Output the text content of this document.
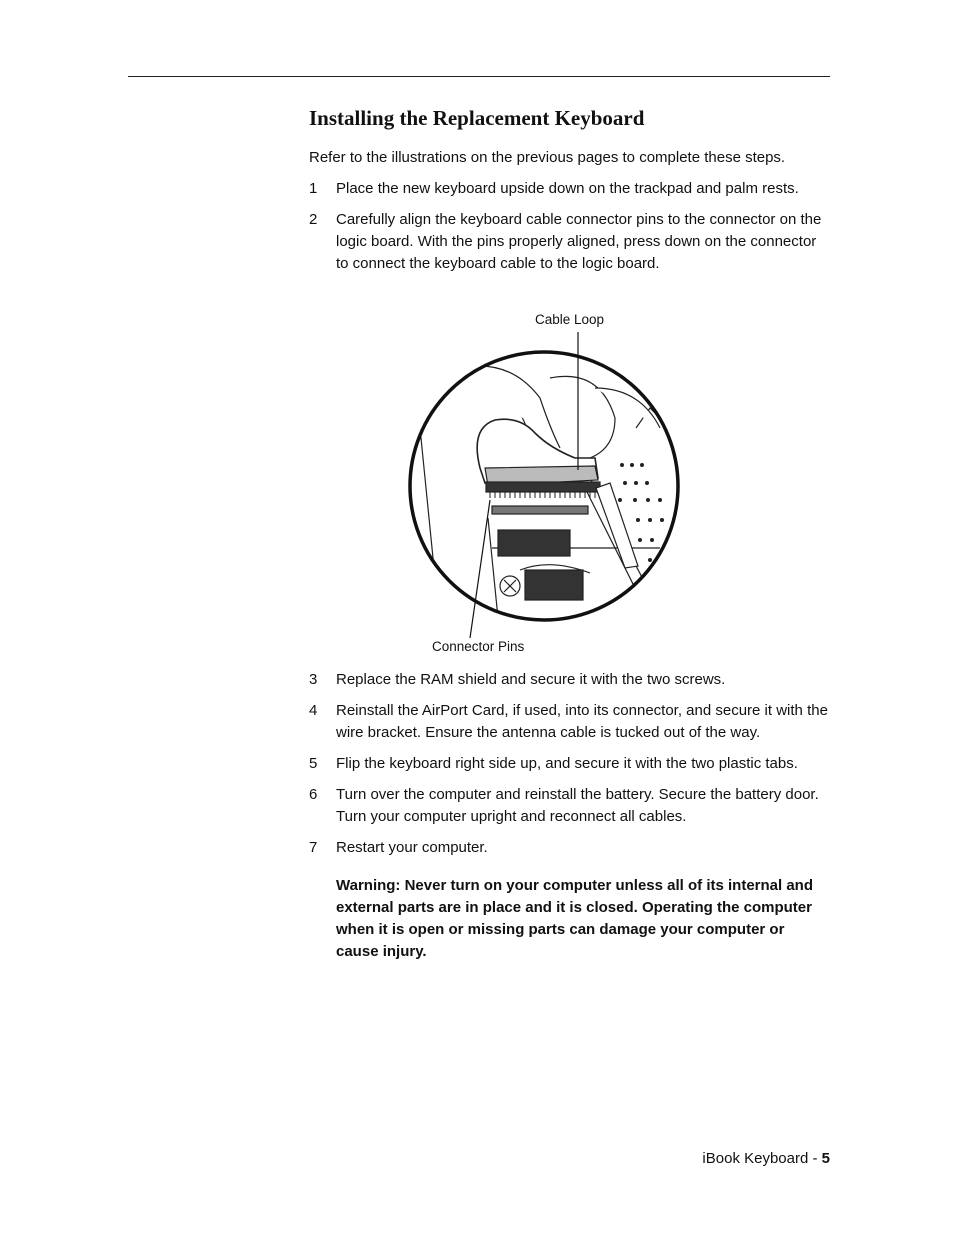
Installing the Replacement Keyboard
Refer to the illustrations on the previous pages to complete these steps.
1	Place the new keyboard upside down on the trackpad and palm rests.
2	Carefully align the keyboard cable connector pins to the connector on the logic board. With the pins properly aligned, press down on the connector to connect the keyboard cable to the logic board.
Cable Loop
Connector Pins
3	Replace the RAM shield and secure it with the two screws.
4	Reinstall the AirPort Card, if used, into its connector, and secure it with the wire bracket. Ensure the antenna cable is tucked out of the way.
5	Flip the keyboard right side up, and secure it with the two plastic tabs.
6	Turn over the computer and reinstall the battery. Secure the battery door. Turn your computer upright and reconnect all cables.
7	Restart your computer.
Warning: Never turn on your computer unless all of its internal and external parts are in place and it is closed. Operating the computer when it is open or missing parts can damage your computer or cause injury.
iBook Keyboard - 5
